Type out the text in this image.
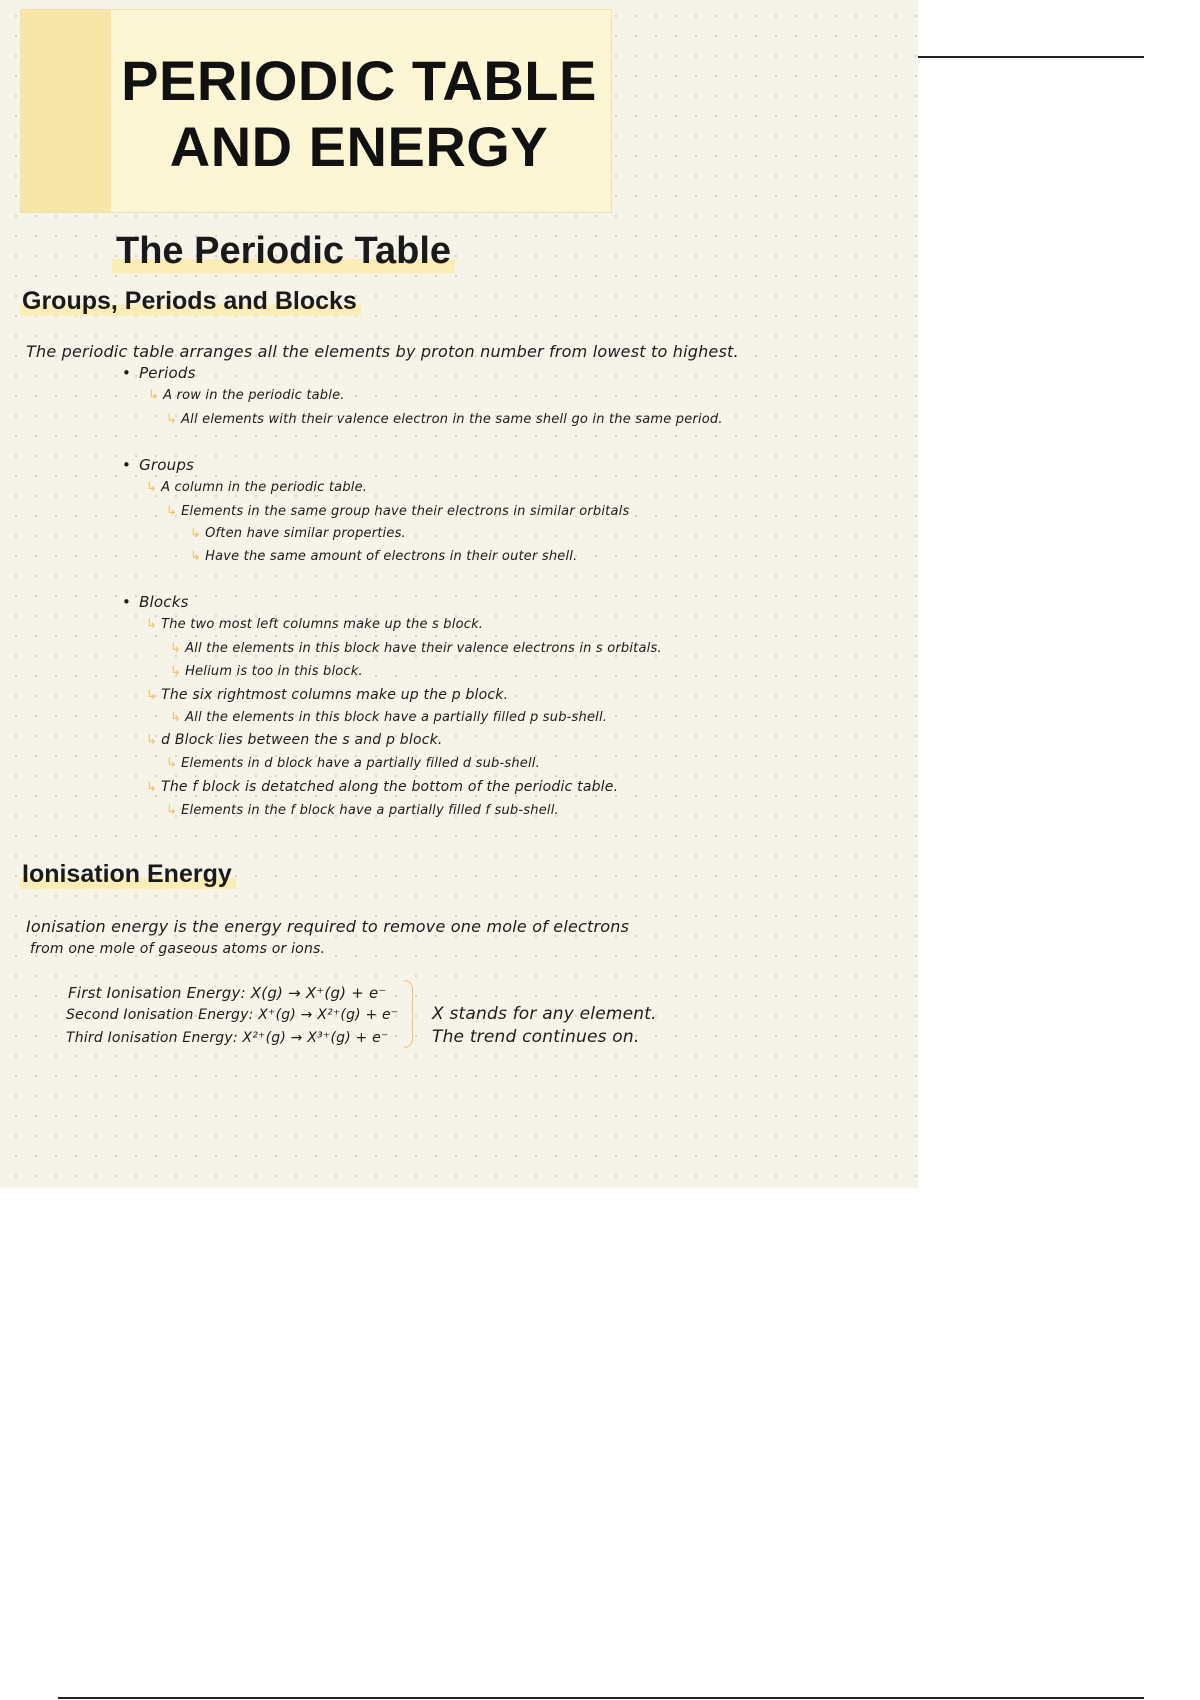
PERIODIC TABLE
AND ENERGY
The Periodic Table
Groups, Periods and Blocks
The periodic table arranges all the elements by proton number from lowest to highest.
• Periods
↳ A row in the periodic table.
↳ All elements with their valence electron in the same shell go in the same period.
• Groups
↳ A column in the periodic table.
↳ Elements in the same group have their electrons in similar orbitals
↳ Often have similar properties.
↳ Have the same amount of electrons in their outer shell.
• Blocks
↳ The two most left columns make up the s block.
↳ All the elements in this block have their valence electrons in s orbitals.
↳ Helium is too in this block.
↳ The six rightmost columns make up the p block.
↳ All the elements in this block have a partially filled p sub-shell.
↳ d Block lies between the s and p block.
↳ Elements in d block have a partially filled d sub-shell.
↳ The f block is detatched along the bottom of the periodic table.
↳ Elements in the f block have a partially filled f sub-shell.
Ionisation Energy
Ionisation energy is the energy required to remove one mole of electrons
from one mole of gaseous atoms or ions.
First Ionisation Energy: X(g) → X⁺(g) + e⁻
Second Ionisation Energy: X⁺(g) → X²⁺(g) + e⁻
Third Ionisation Energy: X²⁺(g) → X³⁺(g) + e⁻
X stands for any element.
The trend continues on.
